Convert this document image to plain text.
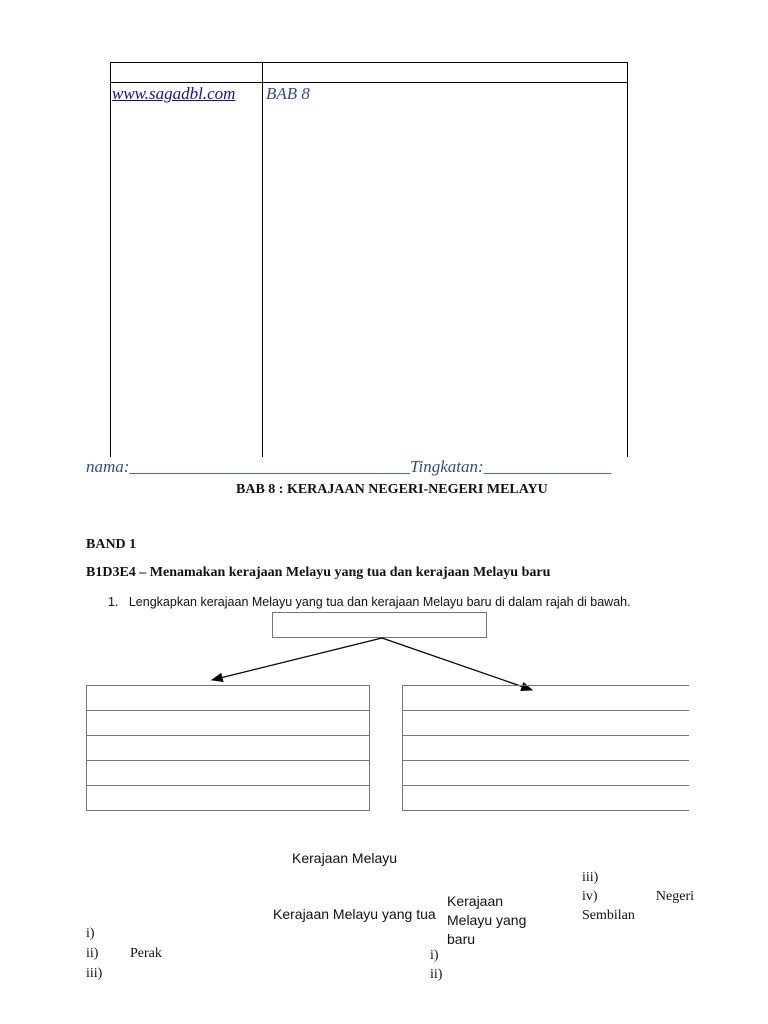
www.sagadbl.com BAB 8
nama:_________________________________Tingkatan:_______________
BAB 8 : KERAJAAN NEGERI-NEGERI MELAYU
BAND 1
B1D3E4 – Menamakan kerajaan Melayu yang tua dan kerajaan Melayu baru
1. Lengkapkan kerajaan Melayu yang tua dan kerajaan Melayu baru di dalam rajah di bawah.
Kerajaan Melayu
Kerajaan Melayu yang tua
Kerajaan
Melayu yang
baru
iii)
iv)	Negeri
Sembilan
i)
ii) Perak
iii)
i)
ii)
